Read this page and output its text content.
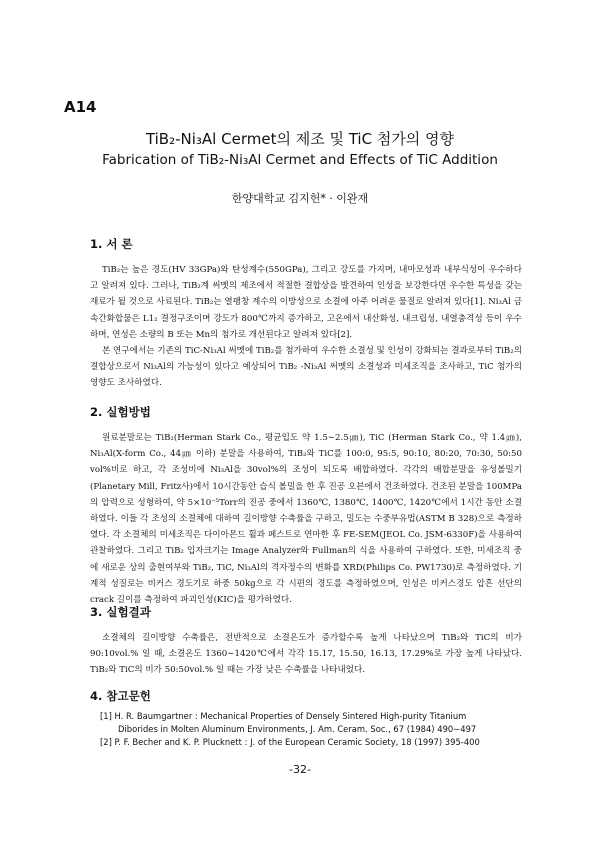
A14
TiB₂-Ni₃Al Cermet의 제조 및 TiC 첨가의 영향
Fabrication of TiB₂-Ni₃Al Cermet and Effects of TiC Addition
한양대학교 김지헌* · 이완재
1. 서 론

TiB₂는 높은 경도(HV 33GPa)와 탄성계수(550GPa), 그리고 강도를 가지며, 내마모성과 내부식성이 우수하다고 알려져 있다. 그러나, TiB₂계 써멧의 제조에서 적절한 결합상을 발견하여 인성을 보강한다면 우수한 특성을 갖는 재료가 될 것으로 사료된다. TiB₂는 열팽창 계수의 이방성으로 소결에 아주 어려운 물질로 알려져 있다[1]. Ni₃Al 금속간화합물은 L1₂ 결정구조이며 강도가 800℃까지 증가하고, 고온에서 내산화성, 내크립성, 내열충격성 등이 우수하며, 연성은 소량의 B 또는 Mn의 첨가로 개선된다고 알려져 있다[2].

본 연구에서는 기존의 TiC-Ni₃Al 써멧에 TiB₂를 첨가하여 우수한 소결성 및 인성이 강화되는 결과로부터 TiB₂의 결합상으로서 Ni₃Al의 가능성이 있다고 예상되어 TiB₂ -Ni₃Al 써멧의 소결성과 미세조직을 조사하고, TiC 첨가의 영향도 조사하였다.

2. 실험방법

원료분말로는 TiB₂(Herman Stark Co., 평균입도 약 1.5∼2.5㎛), TiC (Herman Stark Co., 약 1.4㎛), Ni₃Al(X-form Co., 44㎛ 이하) 분말을 사용하여, TiB₂와 TiC를 100:0, 95:5, 90:10, 80:20, 70:30, 50:50 vol%비로 하고, 각 조성비에 Ni₃Al을 30vol%의 조성이 되도록 배합하였다. 각각의 배합분말을 유성볼밀기(Planetary Mill, Fritz사)에서 10시간동안 습식 볼밀을 한 후 진공 오븐에서 건조하였다. 건조된 분말을 100MPa의 압력으로 성형하여, 약 5×10⁻⁵Torr의 진공 중에서 1360℃, 1380℃, 1400℃, 1420℃에서 1시간 동안 소결하였다. 이들 각 조성의 소결체에 대하여 길이방향 수축률을 구하고, 밀도는 수중부유법(ASTM B 328)으로 측정하였다. 각 소결체의 미세조직은 다이아몬드 휠과 페스트로 연마한 후 FE-SEM(JEOL Co. JSM-6330F)을 사용하여 관찰하였다. 그리고 TiB₂ 입자크기는 Image Analyzer와 Fullman의 식을 사용하여 구하였다. 또한, 미세조직 중에 새로운 상의 출현여부와 TiB₂, TiC, Ni₃Al의 격자정수의 변화를 XRD(Philips Co. PW1730)로 측정하였다. 기계적 성질로는 비커스 경도기로 하중 50kg으로 각 시편의 경도를 측정하였으며, 인성은 비커스경도 압흔 선단의 crack 길이를 측정하여 파괴인성(KIC)을 평가하였다.

3. 실험결과

소결체의 길이방향 수축률은, 전반적으로 소결온도가 증가할수록 높게 나타났으며 TiB₂와 TiC의 비가 90:10vol.% 일 때, 소결온도 1360∼1420℃에서 각각 15.17, 15.50, 16.13, 17.29%로 가장 높게 나타났다. TiB₂와 TiC의 비가 50:50vol.% 일 때는 가장 낮은 수축률을 나타내었다.

4. 참고문헌

[1] H. R. Baumgartner : Mechanical Properties of Densely Sintered High-purity Titanium
Diborides in Molten Aluminum Environments, J. Am. Ceram. Soc., 67 (1984) 490∼497

[2] P. F. Becher and K. P. Plucknett : J. of the European Ceramic Society, 18 (1997) 395-400

-32-
